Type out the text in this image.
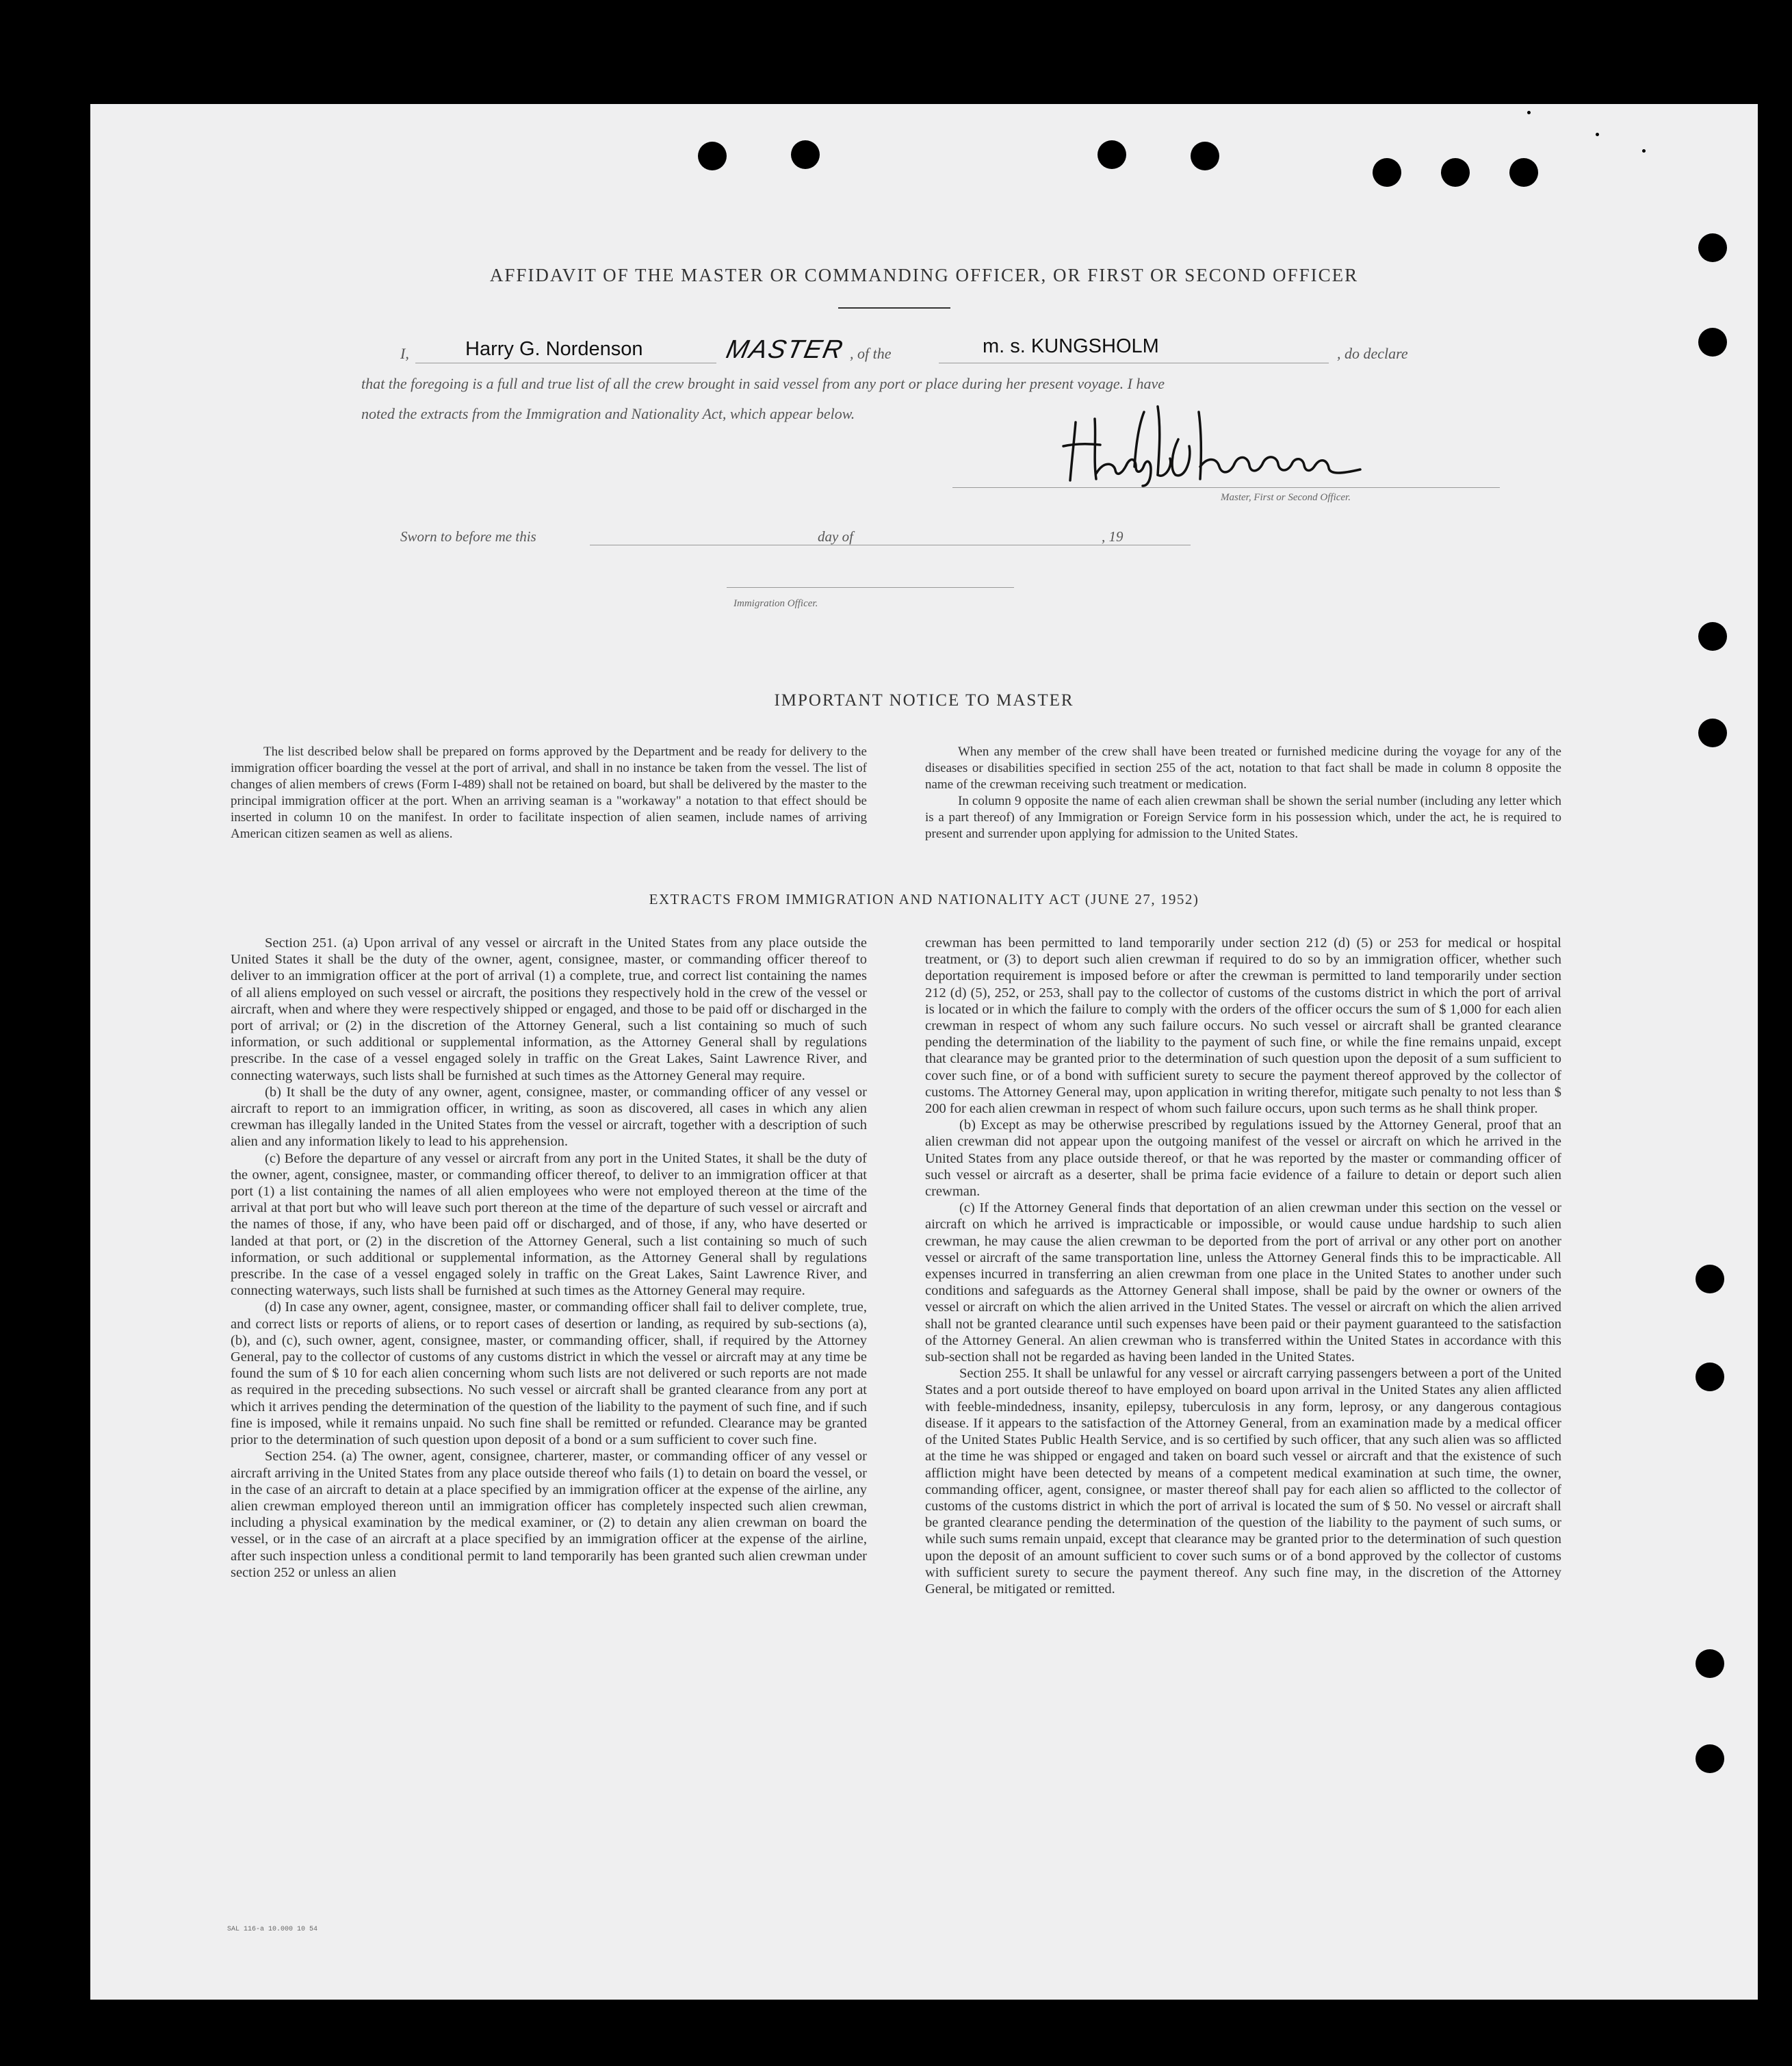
AFFIDAVIT OF THE MASTER OR COMMANDING OFFICER, OR FIRST OR SECOND OFFICER
I,	Harry G. Nordenson	MASTER , of the	m. s. KUNGSHOLM	, do declare
that the foregoing is a full and true list of all the crew brought in said vessel from any port or place during her present voyage. I have
noted the extracts from the Immigration and Nationality Act, which appear below.
Master, First or Second Officer.
Sworn to before me this	day of	, 19
Immigration Officer.
IMPORTANT NOTICE TO MASTER

The list described below shall be prepared on forms approved by the Department and be ready for delivery to the immigration officer boarding the vessel at the port of arrival, and shall in no instance be taken from the vessel. The list of changes of alien members of crews (Form I-489) shall not be retained on board, but shall be delivered by the master to the principal immigration officer at the port. When an arriving seaman is a "workaway" a notation to that effect should be inserted in column 10 on the manifest. In order to facilitate inspection of alien seamen, include names of arriving American citizen seamen as well as aliens.

When any member of the crew shall have been treated or furnished medicine during the voyage for any of the diseases or disabilities specified in section 255 of the act, notation to that fact shall be made in column 8 opposite the name of the crewman receiving such treatment or medication.

In column 9 opposite the name of each alien crewman shall be shown the serial number (including any letter which is a part thereof) of any Immigration or Foreign Service form in his possession which, under the act, he is required to present and surrender upon applying for admission to the United States.

EXTRACTS FROM IMMIGRATION AND NATIONALITY ACT (JUNE 27, 1952)

Section 251. (a) Upon arrival of any vessel or aircraft in the United States from any place outside the United States it shall be the duty of the owner, agent, consignee, master, or commanding officer thereof to deliver to an immigration officer at the port of arrival (1) a complete, true, and correct list containing the names of all aliens employed on such vessel or aircraft, the positions they respectively hold in the crew of the vessel or aircraft, when and where they were respectively shipped or engaged, and those to be paid off or discharged in the port of arrival; or (2) in the discretion of the Attorney General, such a list containing so much of such information, or such additional or supplemental information, as the Attorney General shall by regulations prescribe. In the case of a vessel engaged solely in traffic on the Great Lakes, Saint Lawrence River, and connecting waterways, such lists shall be furnished at such times as the Attorney General may require.

(b) It shall be the duty of any owner, agent, consignee, master, or commanding officer of any vessel or aircraft to report to an immigration officer, in writing, as soon as discovered, all cases in which any alien crewman has illegally landed in the United States from the vessel or aircraft, together with a description of such alien and any information likely to lead to his apprehension.

(c) Before the departure of any vessel or aircraft from any port in the United States, it shall be the duty of the owner, agent, consignee, master, or commanding officer thereof, to deliver to an immigration officer at that port (1) a list containing the names of all alien employees who were not employed thereon at the time of the arrival at that port but who will leave such port thereon at the time of the departure of such vessel or aircraft and the names of those, if any, who have been paid off or discharged, and of those, if any, who have deserted or landed at that port, or (2) in the discretion of the Attorney General, such a list containing so much of such information, or such additional or supplemental information, as the Attorney General shall by regulations prescribe. In the case of a vessel engaged solely in traffic on the Great Lakes, Saint Lawrence River, and connecting waterways, such lists shall be furnished at such times as the Attorney General may require.

(d) In case any owner, agent, consignee, master, or commanding officer shall fail to deliver complete, true, and correct lists or reports of aliens, or to report cases of desertion or landing, as required by sub-sections (a), (b), and (c), such owner, agent, consignee, master, or commanding officer, shall, if required by the Attorney General, pay to the collector of customs of any customs district in which the vessel or aircraft may at any time be found the sum of $ 10 for each alien concerning whom such lists are not delivered or such reports are not made as required in the preceding subsections. No such vessel or aircraft shall be granted clearance from any port at which it arrives pending the determination of the question of the liability to the payment of such fine, and if such fine is imposed, while it remains unpaid. No such fine shall be remitted or refunded. Clearance may be granted prior to the determination of such question upon deposit of a bond or a sum sufficient to cover such fine.

Section 254. (a) The owner, agent, consignee, charterer, master, or commanding officer of any vessel or aircraft arriving in the United States from any place outside thereof who fails (1) to detain on board the vessel, or in the case of an aircraft to detain at a place specified by an immigration officer at the expense of the airline, any alien crewman employed thereon until an immigration officer has completely inspected such alien crewman, including a physical examination by the medical examiner, or (2) to detain any alien crewman on board the vessel, or in the case of an aircraft at a place specified by an immigration officer at the expense of the airline, after such inspection unless a conditional permit to land temporarily has been granted such alien crewman under section 252 or unless an alien

crewman has been permitted to land temporarily under section 212 (d) (5) or 253 for medical or hospital treatment, or (3) to deport such alien crewman if required to do so by an immigration officer, whether such deportation requirement is imposed before or after the crewman is permitted to land temporarily under section 212 (d) (5), 252, or 253, shall pay to the collector of customs of the customs district in which the port of arrival is located or in which the failure to comply with the orders of the officer occurs the sum of $ 1,000 for each alien crewman in respect of whom any such failure occurs. No such vessel or aircraft shall be granted clearance pending the determination of the liability to the payment of such fine, or while the fine remains unpaid, except that clearance may be granted prior to the determination of such question upon the deposit of a sum sufficient to cover such fine, or of a bond with sufficient surety to secure the payment thereof approved by the collector of customs. The Attorney General may, upon application in writing therefor, mitigate such penalty to not less than $ 200 for each alien crewman in respect of whom such failure occurs, upon such terms as he shall think proper.

(b) Except as may be otherwise prescribed by regulations issued by the Attorney General, proof that an alien crewman did not appear upon the outgoing manifest of the vessel or aircraft on which he arrived in the United States from any place outside thereof, or that he was reported by the master or commanding officer of such vessel or aircraft as a deserter, shall be prima facie evidence of a failure to detain or deport such alien crewman.

(c) If the Attorney General finds that deportation of an alien crewman under this section on the vessel or aircraft on which he arrived is impracticable or impossible, or would cause undue hardship to such alien crewman, he may cause the alien crewman to be deported from the port of arrival or any other port on another vessel or aircraft of the same transportation line, unless the Attorney General finds this to be impracticable. All expenses incurred in transferring an alien crewman from one place in the United States to another under such conditions and safeguards as the Attorney General shall impose, shall be paid by the owner or owners of the vessel or aircraft on which the alien arrived in the United States. The vessel or aircraft on which the alien arrived shall not be granted clearance until such expenses have been paid or their payment guaranteed to the satisfaction of the Attorney General. An alien crewman who is transferred within the United States in accordance with this sub-section shall not be regarded as having been landed in the United States.

Section 255. It shall be unlawful for any vessel or aircraft carrying passengers between a port of the United States and a port outside thereof to have employed on board upon arrival in the United States any alien afflicted with feeble-mindedness, insanity, epilepsy, tuberculosis in any form, leprosy, or any dangerous contagious disease. If it appears to the satisfaction of the Attorney General, from an examination made by a medical officer of the United States Public Health Service, and is so certified by such officer, that any such alien was so afflicted at the time he was shipped or engaged and taken on board such vessel or aircraft and that the existence of such affliction might have been detected by means of a competent medical examination at such time, the owner, commanding officer, agent, consignee, or master thereof shall pay for each alien so afflicted to the collector of customs of the customs district in which the port of arrival is located the sum of $ 50. No vessel or aircraft shall be granted clearance pending the determination of the question of the liability to the payment of such sums, or while such sums remain unpaid, except that clearance may be granted prior to the determination of such question upon the deposit of an amount sufficient to cover such sums or of a bond approved by the collector of customs with sufficient surety to secure the payment thereof. Any such fine may, in the discretion of the Attorney General, be mitigated or remitted.

SAL 116-a 10.000 10 54
